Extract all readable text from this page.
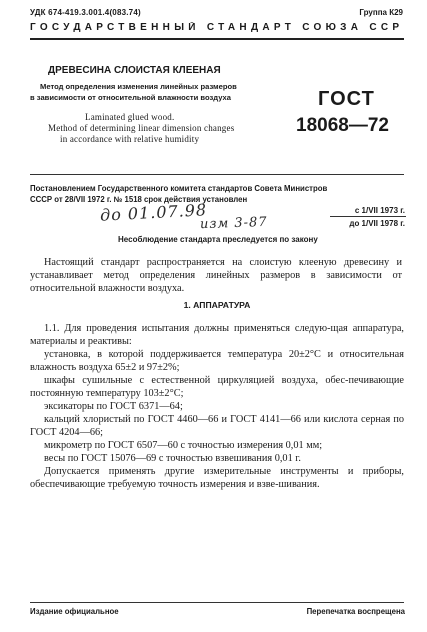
УДК 674-419.3.001.4(083.74)	Группа К29
ГОСУДАРСТВЕННЫЙ СТАНДАРТ СОЮЗА ССР
ДРЕВЕСИНА СЛОИСТАЯ КЛЕЕНАЯ
Метод определения изменения линейных размеров
в зависимости от относительной влажности воздуха
Laminated glued wood.
Method of determining linear dimension changes
in accordance with relative humidity
ГОСТ
18068—72
Постановлением Государственного комитета стандартов Совета Министров
СССР от 28/VII 1972 г. № 1518 срок действия установлен
с 1/VII 1973 г.
до 1/VII 1978 г.
до 01.07.98
изм 3-87
Несоблюдение стандарта преследуется по закону

Настоящий стандарт распространяется на слоистую клееную древесину и устанавливает метод определения линейных размеров в зависимости от относительной влажности воздуха.

1. АППАРАТУРА

1.1. Для проведения испытания должны применяться следую-щая аппаратура, материалы и реактивы:

установка, в которой поддерживается температура 20±2°С и относительная влажность воздуха 65±2 и 97±2%;

шкафы сушильные с естественной циркуляцией воздуха, обес-печивающие постоянную температуру 103±2°С;

эксикаторы по ГОСТ 6371—64;

кальций хлористый по ГОСТ 4460—66 и ГОСТ 4141—66 или кислота серная по ГОСТ 4204—66;

микрометр по ГОСТ 6507—60 с точностью измерения 0,01 мм;

весы по ГОСТ 15076—69 с точностью взвешивания 0,01 г.

Допускается применять другие измерительные инструменты и приборы, обеспечивающие требуемую точность измерения и взве-шивания.

Издание официальное	Перепечатка воспрещена
